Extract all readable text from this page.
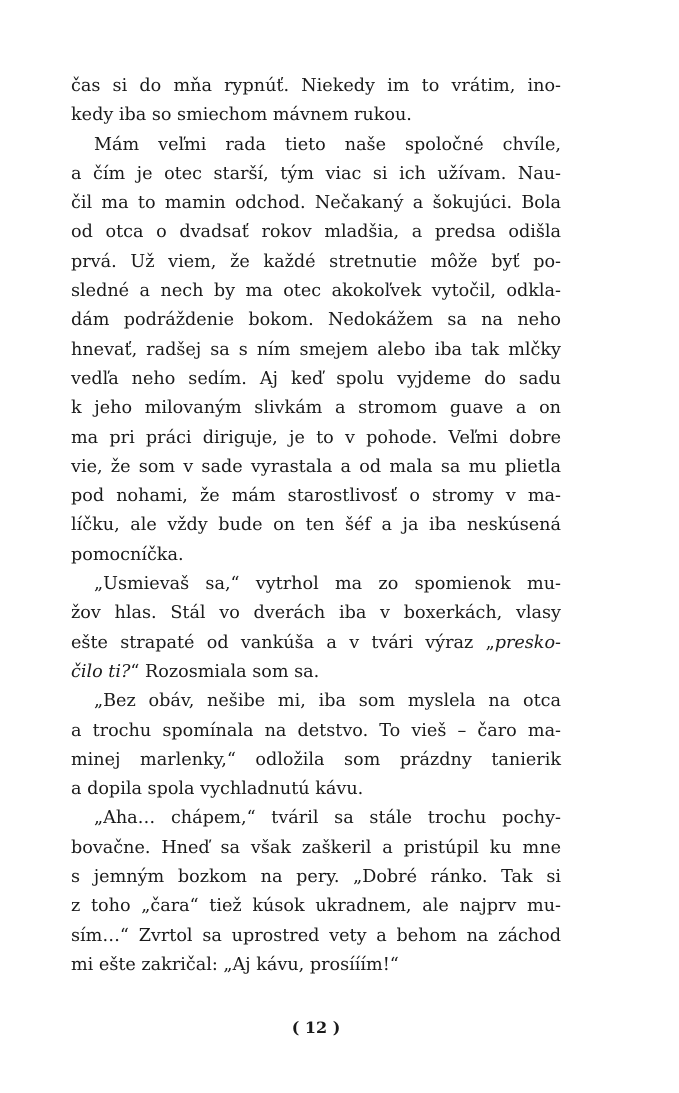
čas si do mňa rypnúť. Niekedy im to vrátim, ino-
kedy iba so smiechom mávnem rukou.
Mám veľmi rada tieto naše spoločné chvíle,
a čím je otec starší, tým viac si ich užívam. Nau-
čil ma to mamin odchod. Nečakaný a šokujúci. Bola
od otca o dvadsať rokov mladšia, a predsa odišla
prvá. Už viem, že každé stretnutie môže byť po-
sledné a nech by ma otec akokoľvek vytočil, odkla-
dám podráždenie bokom. Nedokážem sa na neho
hnevať, radšej sa s ním smejem alebo iba tak mlčky
vedľa neho sedím. Aj keď spolu vyjdeme do sadu
k jeho milovaným slivkám a stromom guave a on
ma pri práci diriguje, je to v pohode. Veľmi dobre
vie, že som v sade vyrastala a od mala sa mu plietla
pod nohami, že mám starostlivosť o stromy v ma-
líčku, ale vždy bude on ten šéf a ja iba neskúsená
pomocníčka.
„Usmievaš sa,“ vytrhol ma zo spomienok mu-
žov hlas. Stál vo dverách iba v boxerkách, vlasy
ešte strapaté od vankúša a v tvári výraz „presko-
čilo ti?“ Rozosmiala som sa.
„Bez obáv, nešibe mi, iba som myslela na otca
a trochu spomínala na detstvo. To vieš – čaro ma-
minej marlenky,“ odložila som prázdny tanierik
a dopila spola vychladnutú kávu.
„Aha… chápem,“ tváril sa stále trochu pochy-
bovačne. Hneď sa však zaškeril a pristúpil ku mne
s jemným bozkom na pery. „Dobré ránko. Tak si
z toho „čara“ tiež kúsok ukradnem, ale najprv mu-
sím…“ Zvrtol sa uprostred vety a behom na záchod
mi ešte zakričal: „Aj kávu, prosííím!“
( 12 )
